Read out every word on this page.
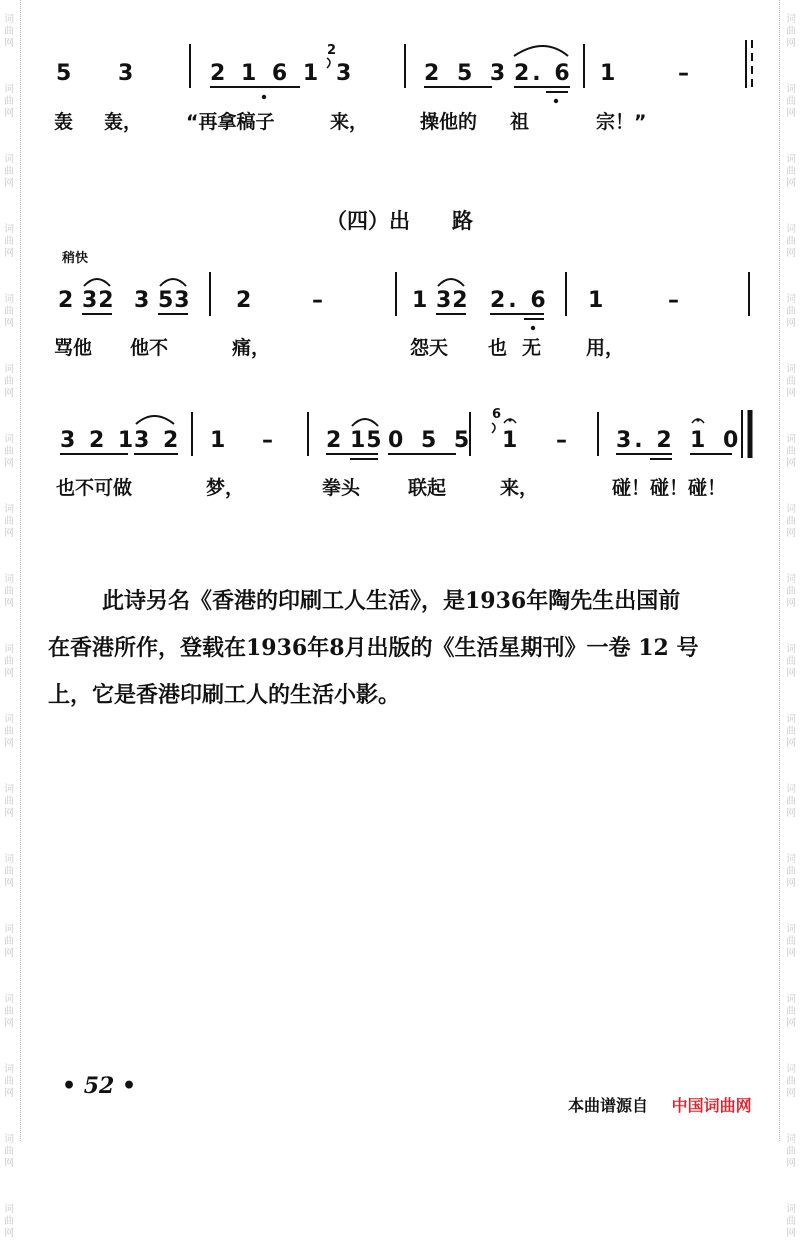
词
曲
网
词
曲
网
词
曲
网
词
曲
网
词
曲
网
词
曲
网
词
曲
网
词
曲
网
词
曲
网
词
曲
网
词
曲
网
词
曲
网
词
曲
网
词
曲
网
词
曲
网
词
曲
网
词
曲
网
词
曲
网
词
曲
网
词
曲
网
词
曲
网
词
曲
网
词
曲
网
词
曲
网
词
曲
网
词
曲
网
词
曲
网
词
曲
网
词
曲
网
词
曲
网
词
曲
网
词
曲
网
词
曲
网
词
曲
网
词
曲
网
词
曲
网
5 3	2 1 6 1
2
3	2 5 3 2. 6 1	–
轰 轰， “再拿稿子	来，	操他的 祖	宗！”
（四）出　　路
稍快
2 32 3 53 2	–	1 32 2. 6 1	–
骂他 他不	痛，	怨天 也 无 用，
3 2 1
3 2 1 – 2 15 0 5 5
6
1 – 3. 2 1 0
也不可做	梦，	拳头	联起	来，	碰！碰！碰！

此诗另名《香港的印刷工人生活》，是1936年陶先生出国前

在香港所作，登载在1936年8月出版的《生活星期刊》一卷 12 号

上，它是香港印刷工人的生活小影。

• 52 •
本曲谱源自 中国词曲网
